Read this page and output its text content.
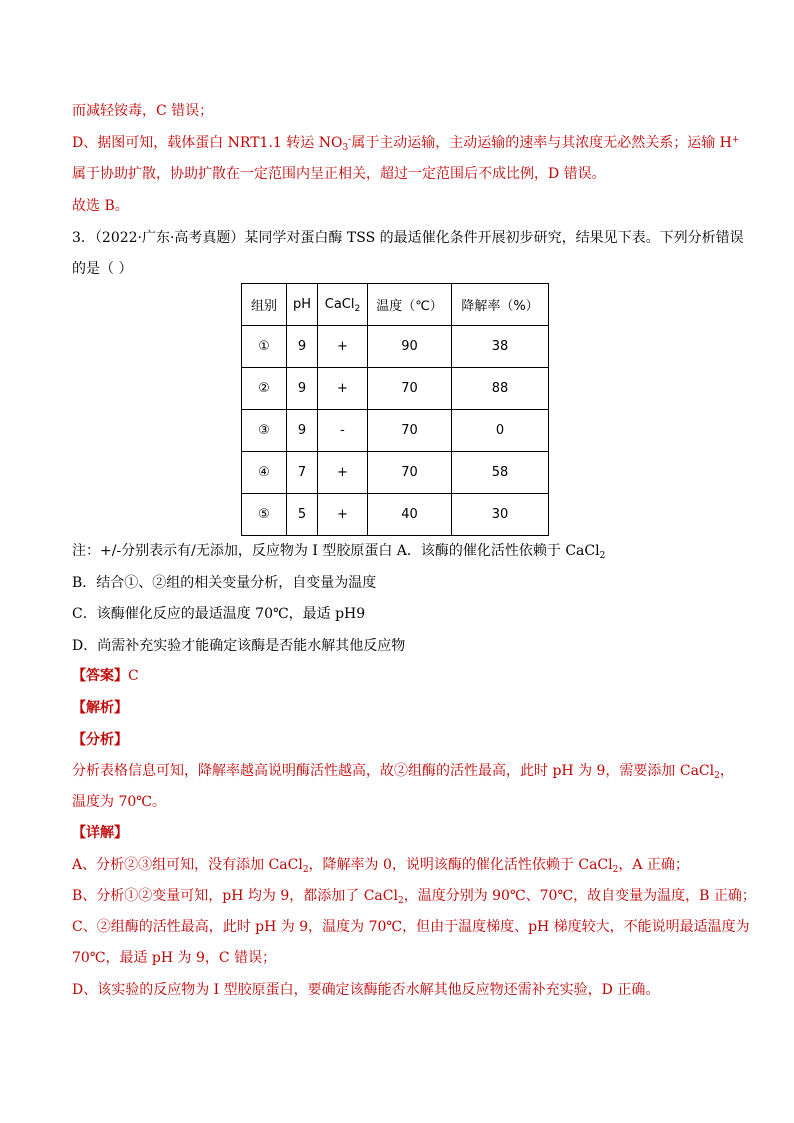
而减轻铵毒，C 错误；
D、据图可知，载体蛋白 NRT1.1 转运 $NO_3^-$属于主动运输，主动运输的速率与其浓度无必然关系；运输 H+
属于协助扩散，协助扩散在一定范围内呈正相关，超过一定范围后不成比例，D 错误。
故选 B。
3．（2022·广东·高考真题）某同学对蛋白酶 TSS 的最适催化条件开展初步研究，结果见下表。下列分析错误
的是（ ）
组别	pH	CaCl$_2$	温度（℃）	降解率（%）
①	9	+	90	38
②	9	+	70	88
③	9	-	70	0
④	7	+	70	58
⑤	5	+	40	30
注：+/-分别表示有/无添加，反应物为 I 型胶原蛋白 A．该酶的催化活性依赖于 CaCl$_2$
B．结合①、②组的相关变量分析，自变量为温度
C．该酶催化反应的最适温度 70℃，最适 pH9
D．尚需补充实验才能确定该酶是否能水解其他反应物
【答案】C
【解析】
【分析】
分析表格信息可知，降解率越高说明酶活性越高，故②组酶的活性最高，此时 pH 为 9，需要添加 CaCl$_2$，
温度为 70℃。
【详解】
A、分析②③组可知，没有添加 CaCl$_2$，降解率为 0，说明该酶的催化活性依赖于 CaCl$_2$，A 正确；
B、分析①②变量可知，pH 均为 9，都添加了 CaCl$_2$，温度分别为 90℃、70℃，故自变量为温度，B 正确；
C、②组酶的活性最高，此时 pH 为 9，温度为 70℃，但由于温度梯度、pH 梯度较大，不能说明最适温度为
70℃，最适 pH 为 9，C 错误；
D、该实验的反应物为 I 型胶原蛋白，要确定该酶能否水解其他反应物还需补充实验，D 正确。
